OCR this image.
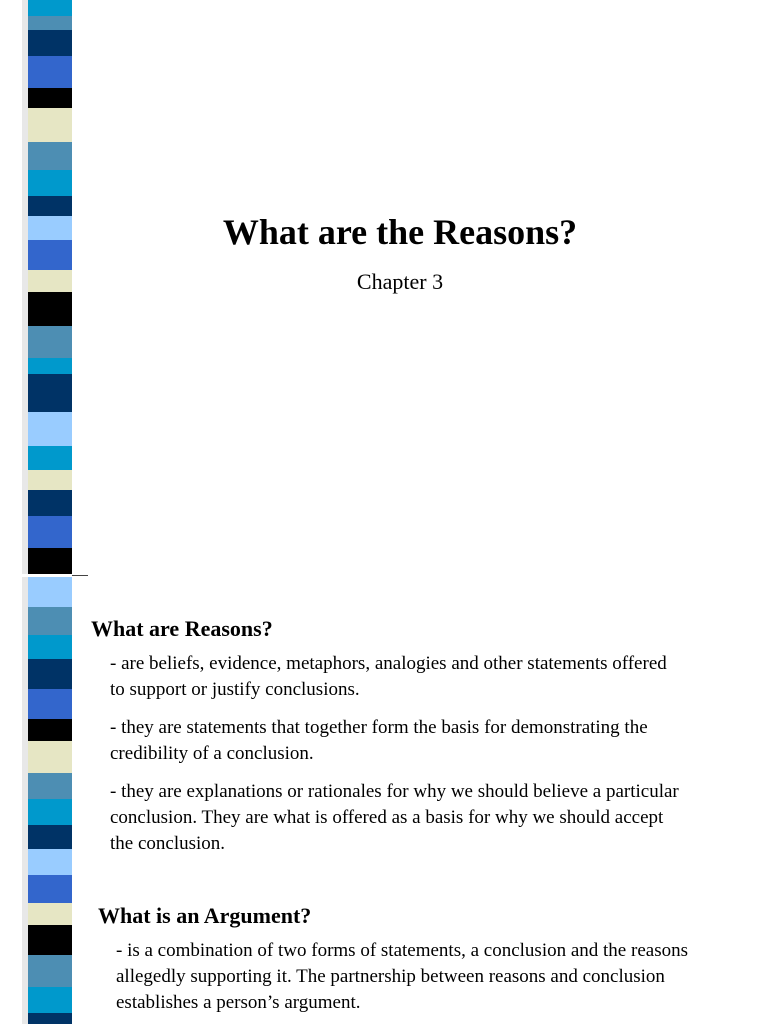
What are the Reasons?

Chapter 3

What are Reasons?

- are beliefs, evidence, metaphors, analogies and other statements offered to support or justify conclusions.

- they are statements that together form the basis for demonstrating the credibility of a conclusion.

- they are explanations or rationales for why we should believe a particular conclusion. They are what is offered as a basis for why we should accept the conclusion.

What is an Argument?

- is a combination of two forms of statements, a conclusion and the reasons allegedly supporting it. The partnership between reasons and conclusion establishes a person’s argument.
